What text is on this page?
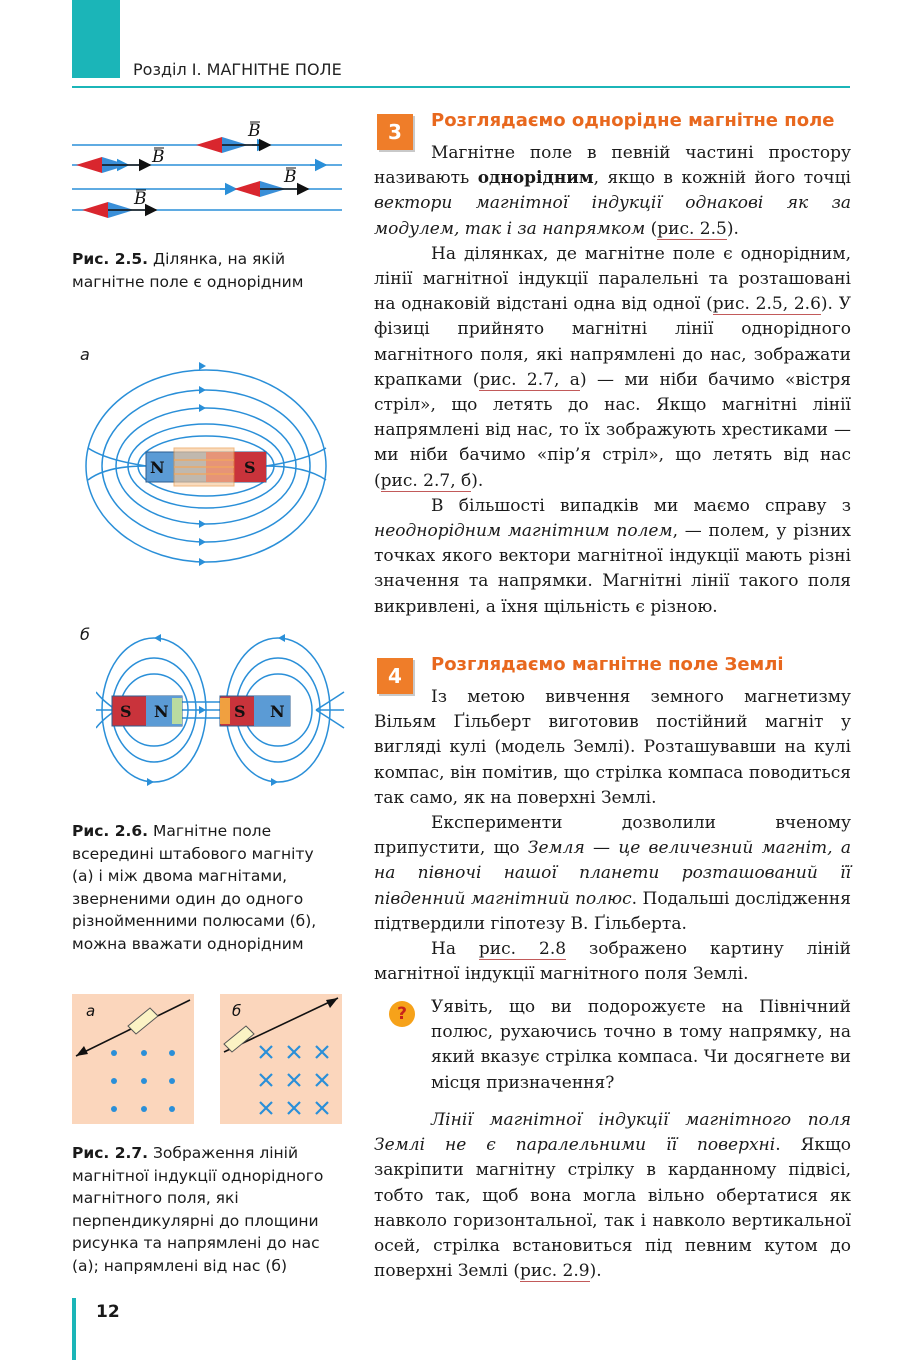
Розділ І. МАГНІТНЕ ПОЛЕ
B
B
B
B
Рис. 2.5. Ділянка, на якій магнітне поле є однорідним
а
N	S
б
S N	S N
Рис. 2.6. Магнітне поле всередині штабового магніту (а) і між двома магнітами, зверненими один до одного різнойменними полюсами (б), можна вважати однорідним
а	б
Рис. 2.7. Зображення ліній магнітної індукції однорідного магнітного поля, які перпендикулярні до площини рисунка та напрямлені до нас (а); напрямлені від нас (б)
3	Розглядаємо однорідне магнітне поле

Магнітне поле в певній частині простору називають однорідним, якщо в кожній його точці вектори магнітної індукції однакові як за модулем, так і за напрямком (рис. 2.5).

На ділянках, де магнітне поле є однорідним, лінії магнітної індукції паралельні та розташовані на однаковій відстані одна від одної (рис. 2.5, 2.6). У фізиці прийнято магнітні лінії однорідного магнітного поля, які напрямлені до нас, зображати крапками (рис. 2.7, а) — ми ніби бачимо «вістря стріл», що летять до нас. Якщо магнітні лінії напрямлені від нас, то їх зображують хрестиками — ми ніби бачимо «пір’я стріл», що летять від нас (рис. 2.7, б).

В більшості випадків ми маємо справу з неоднорідним магнітним полем, — полем, у різних точках якого вектори магнітної індукції мають різні значення та напрямки. Магнітні лінії такого поля викривлені, а їхня щільність є різною.

4	Розглядаємо магнітне поле Землі

Із метою вивчення земного магнетизму Вільям Ґільберт виготовив постійний магніт у вигляді кулі (модель Землі). Розташувавши на кулі компас, він помітив, що стрілка компаса поводиться так само, як на поверхні Землі.

Експерименти дозволили вченому припустити, що Земля — це величезний магніт, а на півночі нашої планети розташований її південний магнітний полюс. Подальші дослідження підтвердили гіпотезу В. Ґільберта.

На рис. 2.8 зображено картину ліній магнітної індукції магнітного поля Землі.

?	Уявіть, що ви подорожуєте на Північний полюс, рухаючись точно в тому напрямку, на який вказує стрілка компаса. Чи досягнете ви місця призначення?

Лінії магнітної індукції магнітного поля Землі не є паралельними її поверхні. Якщо закріпити магнітну стрілку в карданному підвісі, тобто так, щоб вона могла вільно обертатися як навколо горизонтальної, так і навколо вертикальної осей, стрілка встановиться під певним кутом до поверхні Землі (рис. 2.9).

12
